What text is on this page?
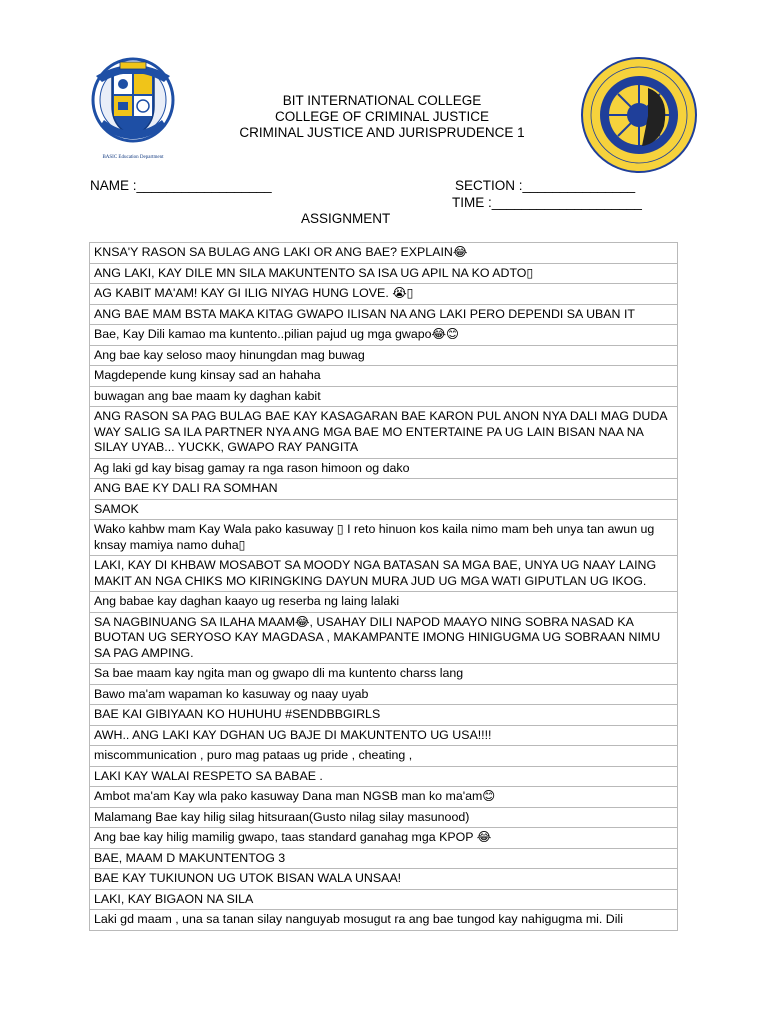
BASIC Education Department
BIT INTERNATIONAL COLLEGE
COLLEGE OF CRIMINAL JUSTICE
CRIMINAL JUSTICE AND JURISPRUDENCE 1
NAME :__________________	SECTION :_______________
TIME :____________________
ASSIGNMENT
KNSA'Y RASON SA BULAG ANG LAKI OR ANG BAE? EXPLAIN😂
ANG LAKI, KAY DILE MN SILA MAKUNTENTO SA ISA UG APIL NA KO ADTO▯
AG KABIT MA'AM! KAY GI ILIG NIYAG HUNG LOVE. 😭▯
ANG BAE MAM BSTA MAKA KITAG GWAPO ILISAN NA ANG LAKI PERO DEPENDI SA UBAN IT
Bae, Kay Dili kamao ma kuntento..pilian pajud ug mga gwapo😂😊
Ang bae kay seloso maoy hinungdan mag buwag
Magdepende kung kinsay sad an hahaha
buwagan ang bae maam ky daghan kabit
ANG RASON SA PAG BULAG BAE KAY KASAGARAN BAE KARON PUL ANON NYA DALI MAG DUDA WAY SALIG SA ILA PARTNER NYA ANG MGA BAE MO ENTERTAINE PA UG LAIN BISAN NAA NA SILAY UYAB... YUCKK, GWAPO RAY PANGITA
Ag laki gd kay bisag gamay ra nga rason himoon og dako
ANG BAE KY DALI RA SOMHAN
SAMOK
Wako kahbw mam Kay Wala pako kasuway ▯ I reto hinuon kos kaila nimo mam beh unya tan awun ug knsay mamiya namo duha▯
LAKI, KAY DI KHBAW MOSABOT SA MOODY NGA BATASAN SA MGA BAE, UNYA UG NAAY LAING MAKIT AN NGA CHIKS MO KIRINGKING DAYUN MURA JUD UG MGA WATI GIPUTLAN UG IKOG.
Ang babae kay daghan kaayo ug reserba ng laing lalaki
SA NAGBINUANG SA ILAHA MAAM😂, USAHAY DILI NAPOD MAAYO NING SOBRA NASAD KA BUOTAN UG SERYOSO KAY MAGDASA , MAKAMPANTE IMONG HINIGUGMA UG SOBRAAN NIMU SA PAG AMPING.
Sa bae maam kay ngita man og gwapo dli ma kuntento charss lang
Bawo ma'am wapaman ko kasuway og naay uyab
BAE KAI GIBIYAAN KO HUHUHU #SENDBBGIRLS
AWH.. ANG LAKI KAY DGHAN UG BAJE DI MAKUNTENTO UG USA!!!!
miscommunication , puro mag pataas ug pride , cheating ,
LAKI KAY WALAI RESPETO SA BABAE .
Ambot ma'am Kay wla pako kasuway Dana man NGSB man ko ma'am😊
Malamang Bae kay hilig silag hitsuraan(Gusto nilag silay masunood)
Ang bae kay hilig mamilig gwapo, taas standard ganahag mga KPOP 😂
BAE, MAAM D MAKUNTENTOG 3
BAE KAY TUKIUNON UG UTOK BISAN WALA UNSAA!
LAKI, KAY BIGAON NA SILA
Laki gd maam , una sa tanan silay nanguyab mosugut ra ang bae tungod kay nahigugma mi. Dili
